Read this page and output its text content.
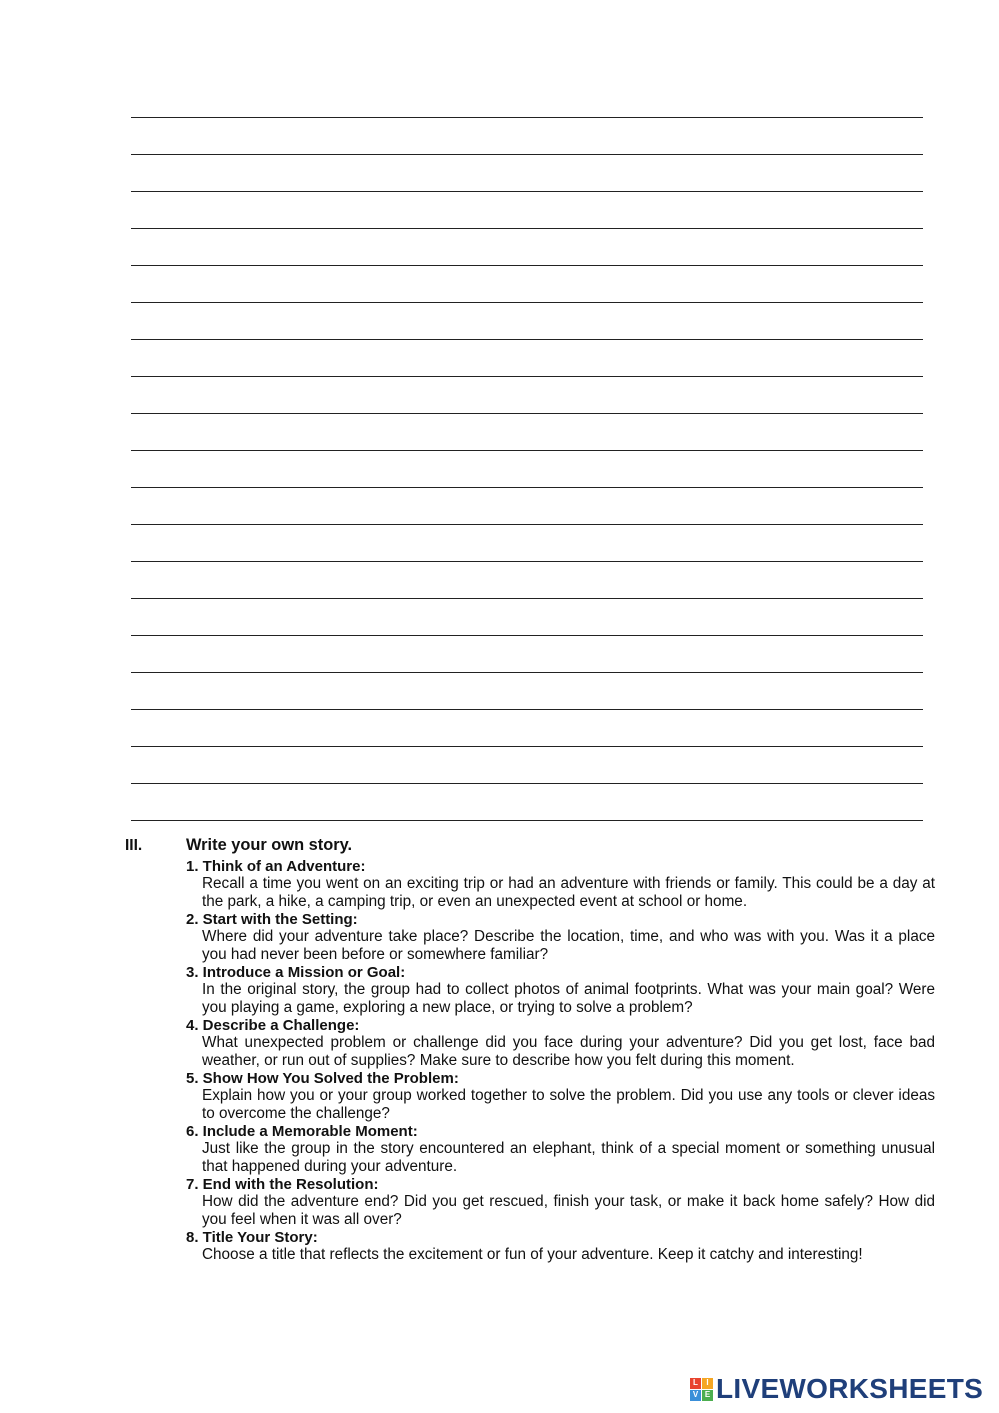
III.	Write your own story.
1. Think of an Adventure:
Recall a time you went on an exciting trip or had an adventure with friends or family. This could be a day at the park, a hike, a camping trip, or even an unexpected event at school or home.
2. Start with the Setting:
Where did your adventure take place? Describe the location, time, and who was with you. Was it a place you had never been before or somewhere familiar?
3. Introduce a Mission or Goal:
In the original story, the group had to collect photos of animal footprints. What was your main goal? Were you playing a game, exploring a new place, or trying to solve a problem?
4. Describe a Challenge:
What unexpected problem or challenge did you face during your adventure? Did you get lost, face bad weather, or run out of supplies? Make sure to describe how you felt during this moment.
5. Show How You Solved the Problem:
Explain how you or your group worked together to solve the problem. Did you use any tools or clever ideas to overcome the challenge?
6. Include a Memorable Moment:
Just like the group in the story encountered an elephant, think of a special moment or something unusual that happened during your adventure.
7. End with the Resolution:
How did the adventure end? Did you get rescued, finish your task, or make it back home safely? How did you feel when it was all over?
8. Title Your Story:
Choose a title that reflects the excitement or fun of your adventure. Keep it catchy and interesting!
L	I
V E LIVEWORKSHEETS
